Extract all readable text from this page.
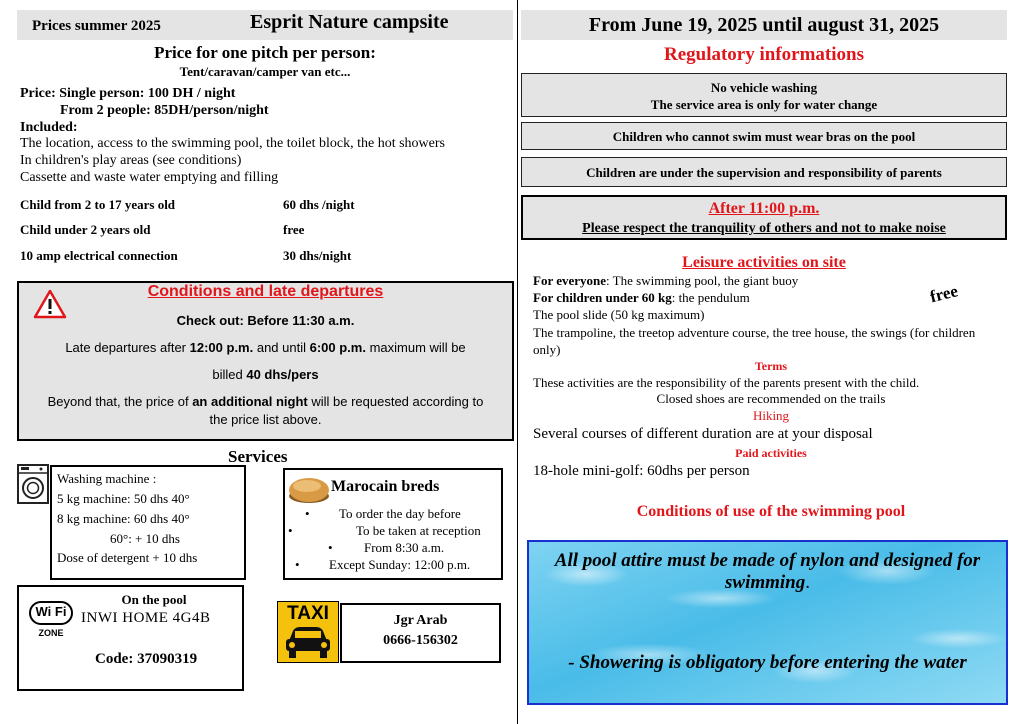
Prices summer 2025	Esprit Nature campsite
Price for one pitch per person:
Tent/caravan/camper van etc...
Price: Single person: 100 DH / night
From 2 people: 85DH/person/night
Included:
The location, access to the swimming pool, the toilet block, the hot showers
In children's play areas (see conditions)
Cassette and waste water emptying and filling
Child from 2 to 17 years old	60 dhs /night
Child under 2 years old	free
10 amp electrical connection	30 dhs/night
Conditions and late departures
Check out: Before 11:30 a.m.
Late departures after 12:00 p.m. and until 6:00 p.m. maximum will be
billed 40 dhs/pers
Beyond that, the price of an additional night will be requested according to
the price list above.
Services
Washing machine :
5 kg machine: 50 dhs 40°
8 kg machine: 60 dhs 40°
60°: + 10 dhs
Dose of detergent + 10 dhs
Marocain breds
• To order the day before
•	To be taken at reception
• From 8:30 a.m.
• Except Sunday: 12:00 p.m.
Wi Fi
ZONE
On the pool
INWI HOME 4G4B
Code: 37090319
TAXI	Jgr Arab
0666-156302
From June 19, 2025 until august 31, 2025
Regulatory informations
No vehicle washing
The service area is only for water change
Children who cannot swim must wear bras on the pool
Children are under the supervision and responsibility of parents
After 11:00 p.m.
Please respect the tranquility of others and not to make noise
Leisure activities on site
For everyone: The swimming pool, the giant buoy
For children under 60 kg: the pendulum	free
The pool slide (50 kg maximum)
The trampoline, the treetop adventure course, the tree house, the swings (for children only)
Terms
These activities are the responsibility of the parents present with the child.
Closed shoes are recommended on the trails
Hiking
Several courses of different duration are at your disposal
Paid activities
18-hole mini-golf: 60dhs per person
Conditions of use of the swimming pool
All pool attire must be made of nylon and designed for swimming.
- Showering is obligatory before entering the water
